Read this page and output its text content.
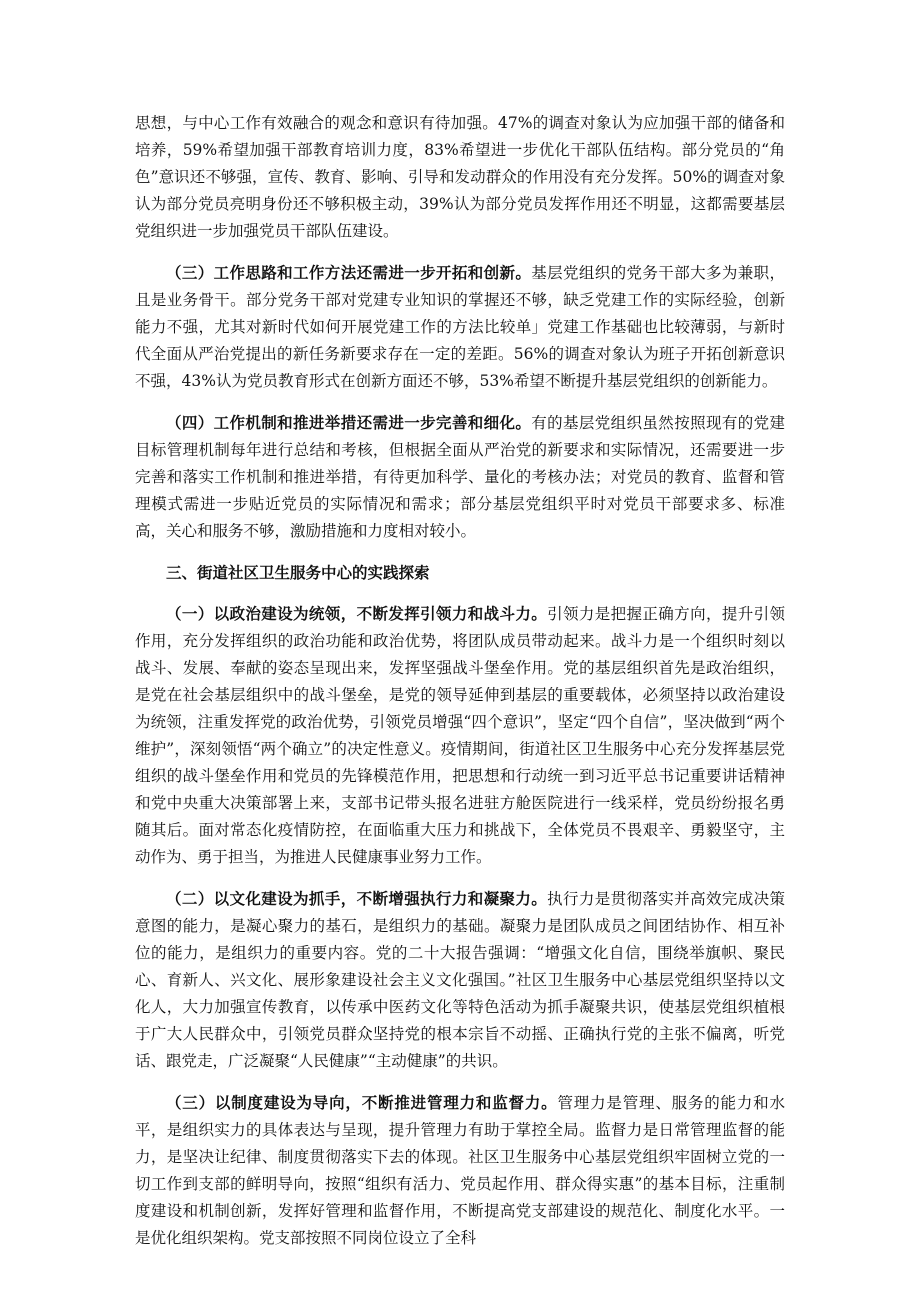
思想，与中心工作有效融合的观念和意识有待加强。47%的调查对象认为应加强干部的储备和培养，59%希望加强干部教育培训力度，83%希望进一步优化干部队伍结构。部分党员的“角色”意识还不够强，宣传、教育、影响、引导和发动群众的作用没有充分发挥。50%的调查对象认为部分党员亮明身份还不够积极主动，39%认为部分党员发挥作用还不明显，这都需要基层党组织进一步加强党员干部队伍建设。

（三）工作思路和工作方法还需进一步开拓和创新。基层党组织的党务干部大多为兼职，且是业务骨干。部分党务干部对党建专业知识的掌握还不够，缺乏党建工作的实际经验，创新能力不强，尤其对新时代如何开展党建工作的方法比较单」党建工作基础也比较薄弱，与新时代全面从严治党提出的新任务新要求存在一定的差距。56%的调查对象认为班子开拓创新意识不强，43%认为党员教育形式在创新方面还不够，53%希望不断提升基层党组织的创新能力。

（四）工作机制和推进举措还需进一步完善和细化。有的基层党组织虽然按照现有的党建目标管理机制每年进行总结和考核，但根据全面从严治党的新要求和实际情况，还需要进一步完善和落实工作机制和推进举措，有待更加科学、量化的考核办法；对党员的教育、监督和管理模式需进一步贴近党员的实际情况和需求；部分基层党组织平时对党员干部要求多、标准高，关心和服务不够，激励措施和力度相对较小。

三、街道社区卫生服务中心的实践探索

（一）以政治建设为统领，不断发挥引领力和战斗力。引领力是把握正确方向，提升引领作用，充分发挥组织的政治功能和政治优势，将团队成员带动起来。战斗力是一个组织时刻以战斗、发展、奉献的姿态呈现出来，发挥坚强战斗堡垒作用。党的基层组织首先是政治组织，是党在社会基层组织中的战斗堡垒，是党的领导延伸到基层的重要载体，必须坚持以政治建设为统领，注重发挥党的政治优势，引领党员增强“四个意识”，坚定“四个自信”，坚决做到“两个维护”，深刻领悟“两个确立”的决定性意义。疫情期间，街道社区卫生服务中心充分发挥基层党组织的战斗堡垒作用和党员的先锋模范作用，把思想和行动统一到习近平总书记重要讲话精神和党中央重大决策部署上来，支部书记带头报名进驻方舱医院进行一线采样，党员纷纷报名勇随其后。面对常态化疫情防控，在面临重大压力和挑战下，全体党员不畏艰辛、勇毅坚守，主动作为、勇于担当，为推进人民健康事业努力工作。

（二）以文化建设为抓手，不断增强执行力和凝聚力。执行力是贯彻落实并高效完成决策意图的能力，是凝心聚力的基石，是组织力的基础。凝聚力是团队成员之间团结协作、相互补位的能力，是组织力的重要内容。党的二十大报告强调：“增强文化自信，围绕举旗帜、聚民心、育新人、兴文化、展形象建设社会主义文化强国。”社区卫生服务中心基层党组织坚持以文化人，大力加强宣传教育，以传承中医药文化等特色活动为抓手凝聚共识，使基层党组织植根于广大人民群众中，引领党员群众坚持党的根本宗旨不动摇、正确执行党的主张不偏离，听党话、跟党走，广泛凝聚“人民健康”“主动健康”的共识。

（三）以制度建设为导向，不断推进管理力和监督力。管理力是管理、服务的能力和水平，是组织实力的具体表达与呈现，提升管理力有助于掌控全局。监督力是日常管理监督的能力，是坚决让纪律、制度贯彻落实下去的体现。社区卫生服务中心基层党组织牢固树立党的一切工作到支部的鲜明导向，按照“组织有活力、党员起作用、群众得实惠”的基本目标，注重制度建设和机制创新，发挥好管理和监督作用，不断提高党支部建设的规范化、制度化水平。一是优化组织架构。党支部按照不同岗位设立了全科
